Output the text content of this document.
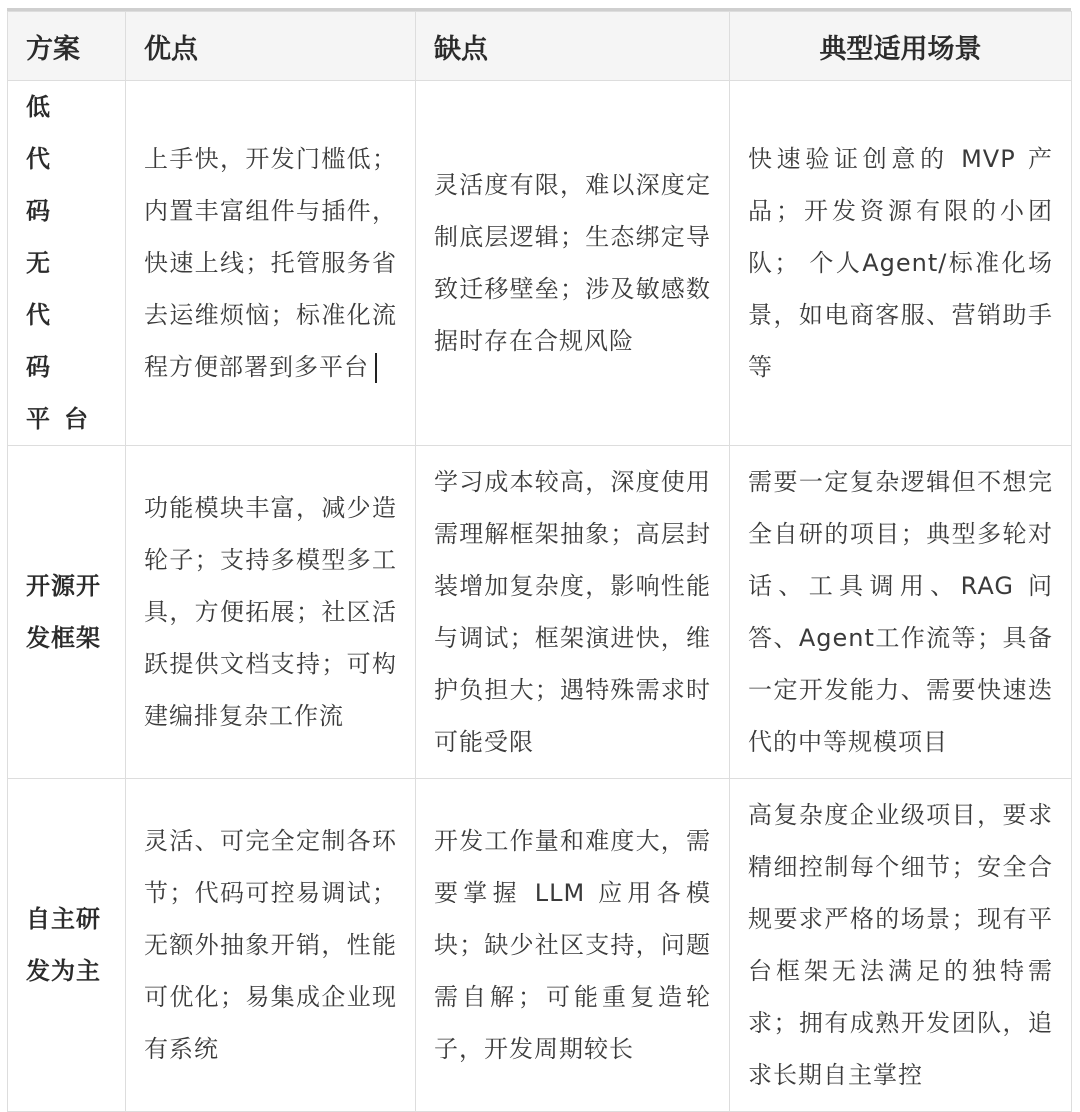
方案	优点	缺点	典型适用场景
低 代 码 无 代 码 平台	上手快，开发门槛低；内置丰富组件与插件，快速上线；托管服务省去运维烦恼；标准化流程方便部署到多平台	灵活度有限，难以深度定制底层逻辑；生态绑定导致迁移壁垒；涉及敏感数据时存在合规风险	快速验证创意的 MVP 产品；开发资源有限的小团队； 个人Agent/标准化场景，如电商客服、营销助手等

开源开发框架	功能模块丰富，减少造轮子；支持多模型多工具，方便拓展；社区活跃提供文档支持；可构建编排复杂工作流	学习成本较高，深度使用需理解框架抽象；高层封装增加复杂度，影响性能与调试；框架演进快，维护负担大；遇特殊需求时可能受限	需要一定复杂逻辑但不想完全自研的项目；典型多轮对话、工具调用、RAG 问答、Agent工作流等；具备一定开发能力、需要快速迭代的中等规模项目

自主研发为主	灵活、可完全定制各环节；代码可控易调试； 无额外抽象开销，性能可优化；易集成企业现有系统	开发工作量和难度大，需要掌握 LLM 应用各模块；缺少社区支持，问题需自解；可能重复造轮子，开发周期较长	高复杂度企业级项目，要求精细控制每个细节；安全合规要求严格的场景；现有平台框架无法满足的独特需求；拥有成熟开发团队，追求长期自主掌控
